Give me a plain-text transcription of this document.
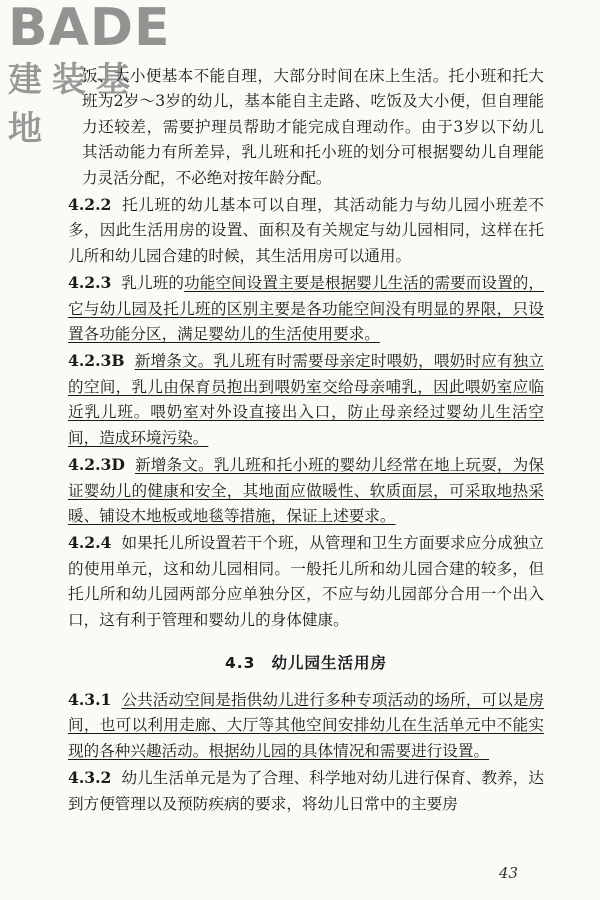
BADE
建装基地

饭、大小便基本不能自理，大部分时间在床上生活。托小班和托大班为2岁～3岁的幼儿，基本能自主走路、吃饭及大小便，但自理能力还较差，需要护理员帮助才能完成自理动作。由于3岁以下幼儿其活动能力有所差异，乳儿班和托小班的划分可根据婴幼儿自理能力灵活分配，不必绝对按年龄分配。

4.2.2 托儿班的幼儿基本可以自理，其活动能力与幼儿园小班差不多，因此生活用房的设置、面积及有关规定与幼儿园相同，这样在托儿所和幼儿园合建的时候，其生活用房可以通用。

4.2.3 乳儿班的功能空间设置主要是根据婴儿生活的需要而设置的，它与幼儿园及托儿班的区别主要是各功能空间没有明显的界限，只设置各功能分区，满足婴幼儿的生活使用要求。

4.2.3B 新增条文。乳儿班有时需要母亲定时喂奶，喂奶时应有独立的空间，乳儿由保育员抱出到喂奶室交给母亲哺乳，因此喂奶室应临近乳儿班。喂奶室对外设直接出入口，防止母亲经过婴幼儿生活空间，造成环境污染。

4.2.3D 新增条文。乳儿班和托小班的婴幼儿经常在地上玩耍，为保证婴幼儿的健康和安全，其地面应做暖性、软质面层，可采取地热采暖、铺设木地板或地毯等措施，保证上述要求。

4.2.4 如果托儿所设置若干个班，从管理和卫生方面要求应分成独立的使用单元，这和幼儿园相同。一般托儿所和幼儿园合建的较多，但托儿所和幼儿园两部分应单独分区，不应与幼儿园部分合用一个出入口，这有利于管理和婴幼儿的身体健康。

4.3 幼儿园生活用房

4.3.1 公共活动空间是指供幼儿进行多种专项活动的场所，可以是房间，也可以利用走廊、大厅等其他空间安排幼儿在生活单元中不能实现的各种兴趣活动。根据幼儿园的具体情况和需要进行设置。

4.3.2 幼儿生活单元是为了合理、科学地对幼儿进行保育、教养，达到方便管理以及预防疾病的要求，将幼儿日常中的主要房

43
